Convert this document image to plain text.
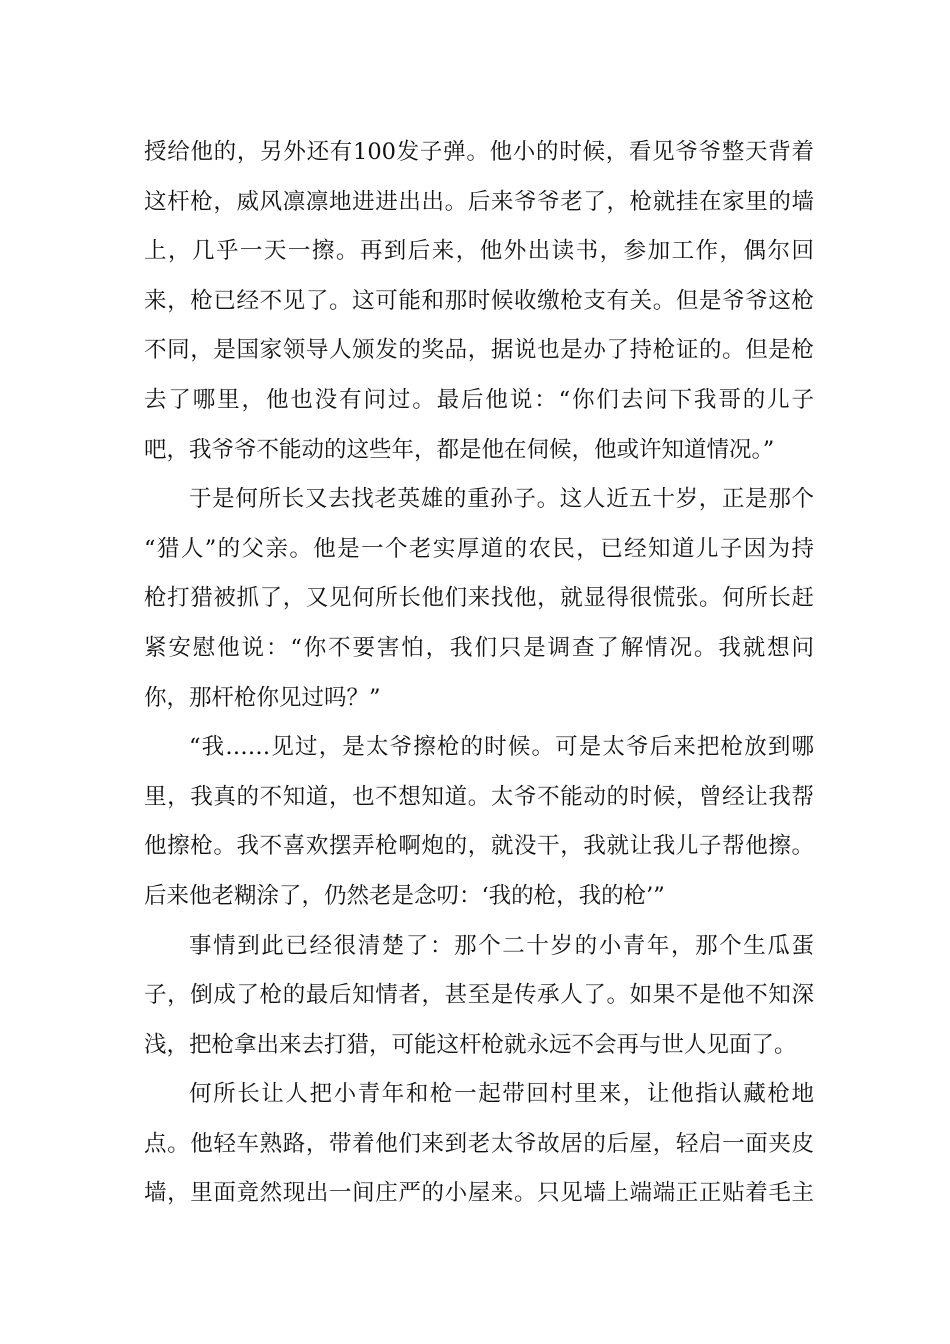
授给他的，另外还有100发子弹。他小的时候，看见爷爷整天背着
这杆枪，威风凛凛地进进出出。后来爷爷老了，枪就挂在家里的墙
上，几乎一天一擦。再到后来，他外出读书，参加工作，偶尔回
来，枪已经不见了。这可能和那时候收缴枪支有关。但是爷爷这枪
不同，是国家领导人颁发的奖品，据说也是办了持枪证的。但是枪
去了哪里，他也没有问过。最后他说：“你们去问下我哥的儿子
吧，我爷爷不能动的这些年，都是他在伺候，他或许知道情况。”
于是何所长又去找老英雄的重孙子。这人近五十岁，正是那个
“猎人”的父亲。他是一个老实厚道的农民，已经知道儿子因为持
枪打猎被抓了，又见何所长他们来找他，就显得很慌张。何所长赶
紧安慰他说：“你不要害怕，我们只是调查了解情况。我就想问
你，那杆枪你见过吗？”
“我……见过，是太爷擦枪的时候。可是太爷后来把枪放到哪
里，我真的不知道，也不想知道。太爷不能动的时候，曾经让我帮
他擦枪。我不喜欢摆弄枪啊炮的，就没干，我就让我儿子帮他擦。
后来他老糊涂了，仍然老是念叨：‘我的枪，我的枪’”
事情到此已经很清楚了：那个二十岁的小青年，那个生瓜蛋
子，倒成了枪的最后知情者，甚至是传承人了。如果不是他不知深
浅，把枪拿出来去打猎，可能这杆枪就永远不会再与世人见面了。
何所长让人把小青年和枪一起带回村里来，让他指认藏枪地
点。他轻车熟路，带着他们来到老太爷故居的后屋，轻启一面夹皮
墙，里面竟然现出一间庄严的小屋来。只见墙上端端正正贴着毛主
